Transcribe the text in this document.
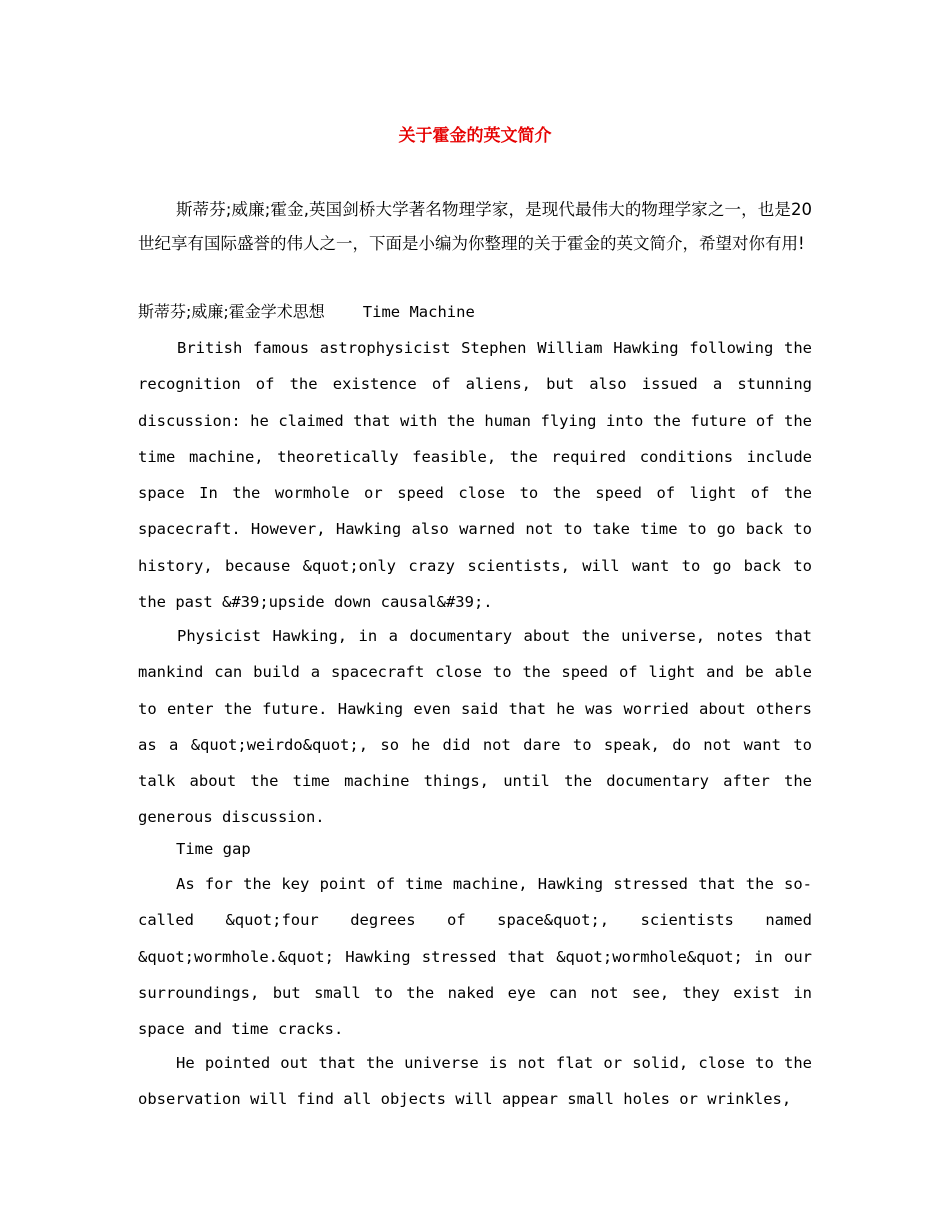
关于霍金的英文简介

斯蒂芬;威廉;霍金,英国剑桥大学著名物理学家，是现代最伟大的物理学家之一，也是20世纪享有国际盛誉的伟人之一，下面是小编为你整理的关于霍金的英文简介，希望对你有用!

斯蒂芬;威廉;霍金学术思想 Time Machine

British famous astrophysicist Stephen William Hawking following the recognition of the existence of aliens, but also issued a stunning discussion: he claimed that with the human flying into the future of the time machine, theoretically feasible, the required conditions include space In the wormhole or speed close to the speed of light of the spacecraft. However, Hawking also warned not to take time to go back to history, because &quot;only crazy scientists, will want to go back to the past &#39;upside down causal&#39;.

Physicist Hawking, in a documentary about the universe, notes that mankind can build a spacecraft close to the speed of light and be able to enter the future. Hawking even said that he was worried about others as a &quot;weirdo&quot;, so he did not dare to speak, do not want to talk about the time machine things, until the documentary after the generous discussion.

Time gap

As for the key point of time machine, Hawking stressed that the so-called &quot;four degrees of space&quot;, scientists named &quot;wormhole.&quot; Hawking stressed that &quot;wormhole&quot; in our surroundings, but small to the naked eye can not see, they exist in space and time cracks.

He pointed out that the universe is not flat or solid, close to the observation will find all objects will appear small holes or wrinkles,
